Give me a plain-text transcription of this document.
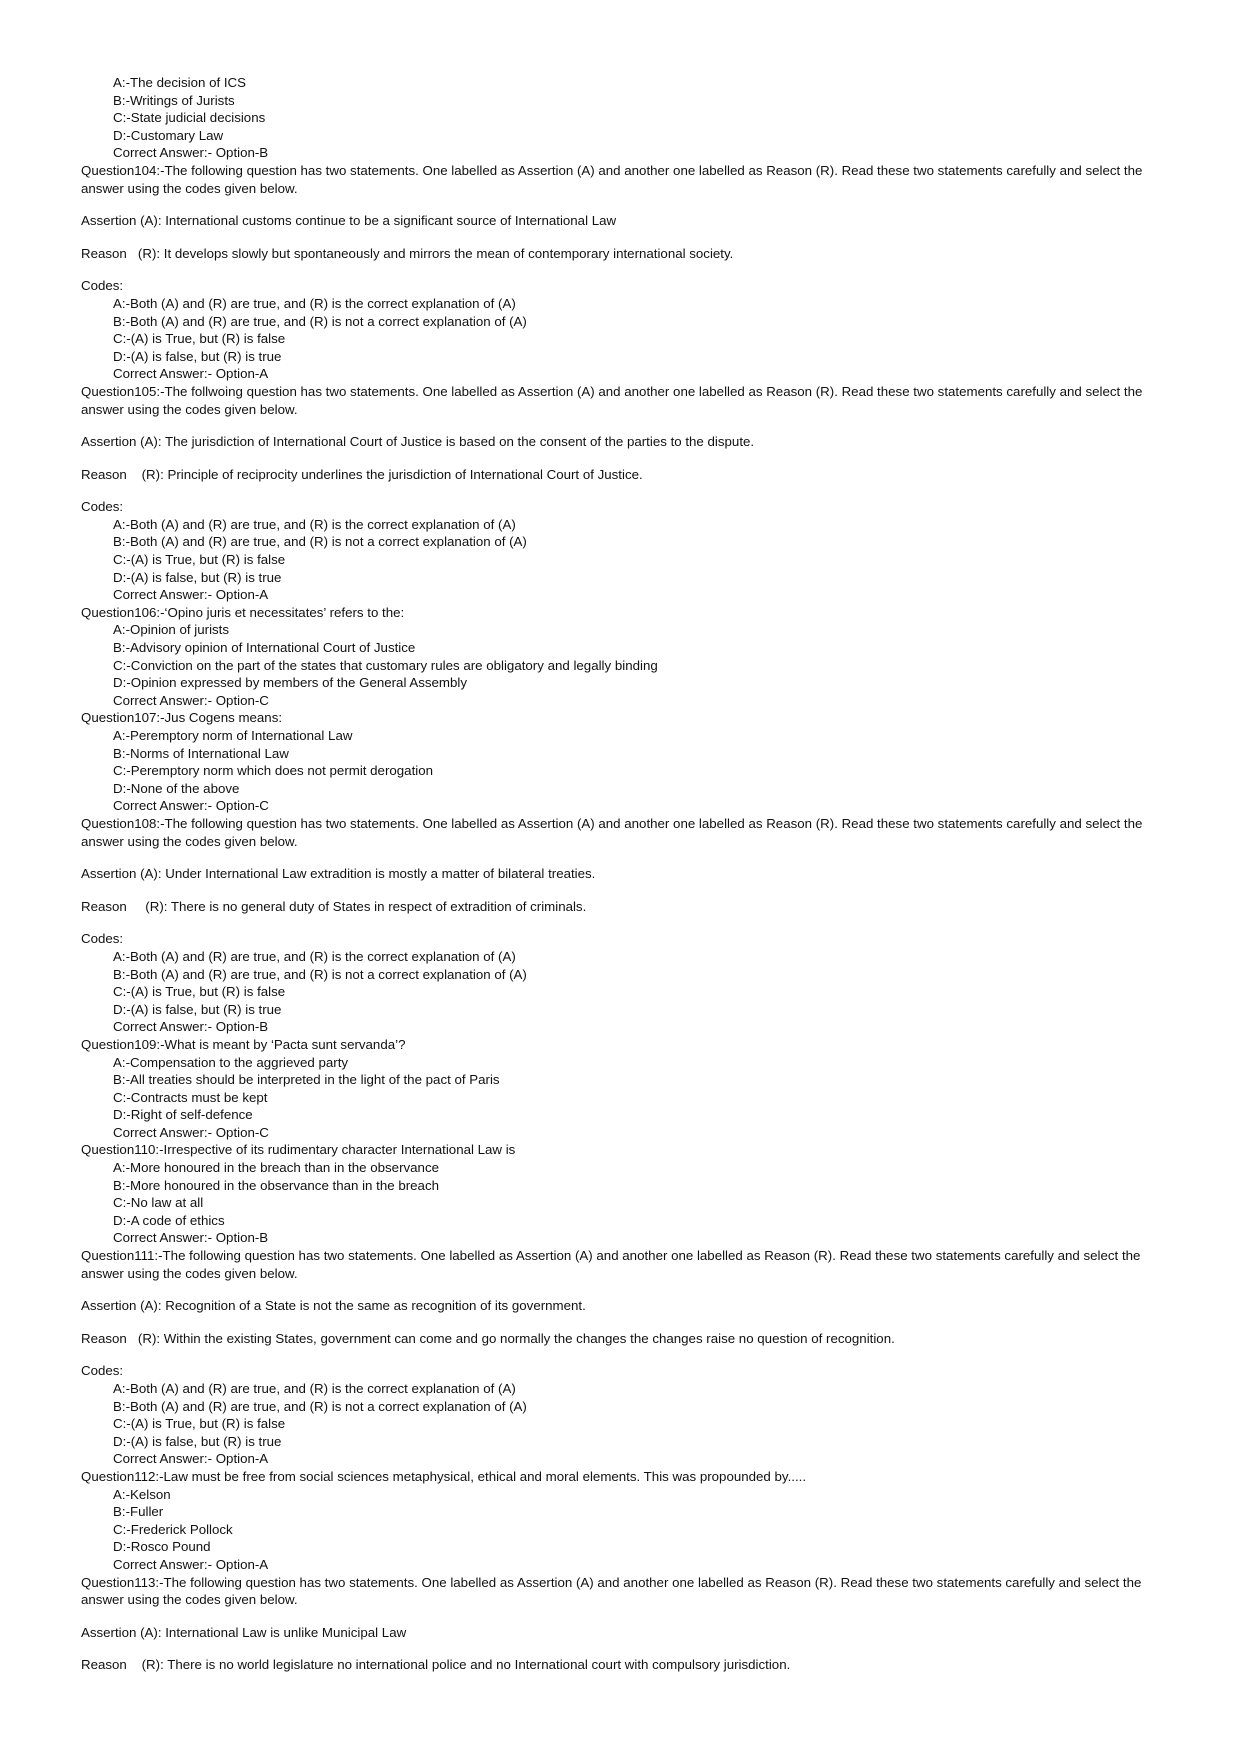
A:-The decision of ICS
B:-Writings of Jurists
C:-State judicial decisions
D:-Customary Law
Correct Answer:- Option-B
Question104:-The following question has two statements. One labelled as Assertion (A) and another one labelled as Reason (R). Read these two statements carefully and select the answer using the codes given below.
Assertion (A): International customs continue to be a significant source of International Law
Reason   (R): It develops slowly but spontaneously and mirrors the mean of contemporary international society.
Codes:
A:-Both (A) and (R) are true, and (R) is the correct explanation of (A)
B:-Both (A) and (R) are true, and (R) is not a correct explanation of (A)
C:-(A) is True, but (R) is false
D:-(A) is false, but (R) is true
Correct Answer:- Option-A
Question105:-The follwoing question has two statements. One labelled as Assertion (A) and another one labelled as Reason (R). Read these two statements carefully and select the answer using the codes given below.
Assertion (A): The jurisdiction of International Court of Justice is based on the consent of the parties to the dispute.
Reason    (R): Principle of reciprocity underlines the jurisdiction of International Court of Justice.
Codes:
A:-Both (A) and (R) are true, and (R) is the correct explanation of (A)
B:-Both (A) and (R) are true, and (R) is not a correct explanation of (A)
C:-(A) is True, but (R) is false
D:-(A) is false, but (R) is true
Correct Answer:- Option-A
Question106:-‘Opino juris et necessitates’ refers to the:
A:-Opinion of jurists
B:-Advisory opinion of International Court of Justice
C:-Conviction on the part of the states that customary rules are obligatory and legally binding
D:-Opinion expressed by members of the General Assembly
Correct Answer:- Option-C
Question107:-Jus Cogens means:
A:-Peremptory norm of International Law
B:-Norms of International Law
C:-Peremptory norm which does not permit derogation
D:-None of the above
Correct Answer:- Option-C
Question108:-The following question has two statements. One labelled as Assertion (A) and another one labelled as Reason (R). Read these two statements carefully and select the answer using the codes given below.
Assertion (A): Under International Law extradition is mostly a matter of bilateral treaties.
Reason     (R): There is no general duty of States in respect of extradition of criminals.
Codes:
A:-Both (A) and (R) are true, and (R) is the correct explanation of (A)
B:-Both (A) and (R) are true, and (R) is not a correct explanation of (A)
C:-(A) is True, but (R) is false
D:-(A) is false, but (R) is true
Correct Answer:- Option-B
Question109:-What is meant by ‘Pacta sunt servanda’?
A:-Compensation to the aggrieved party
B:-All treaties should be interpreted in the light of the pact of Paris
C:-Contracts must be kept
D:-Right of self-defence
Correct Answer:- Option-C
Question110:-Irrespective of its rudimentary character International Law is
A:-More honoured in the breach than in the observance
B:-More honoured in the observance than in the breach
C:-No law at all
D:-A code of ethics
Correct Answer:- Option-B
Question111:-The following question has two statements. One labelled as Assertion (A) and another one labelled as Reason (R). Read these two statements carefully and select the answer using the codes given below.
Assertion (A): Recognition of a State is not the same as recognition of its government.
Reason   (R): Within the existing States, government can come and go normally the changes the changes raise no question of recognition.
Codes:
A:-Both (A) and (R) are true, and (R) is the correct explanation of (A)
B:-Both (A) and (R) are true, and (R) is not a correct explanation of (A)
C:-(A) is True, but (R) is false
D:-(A) is false, but (R) is true
Correct Answer:- Option-A
Question112:-Law must be free from social sciences metaphysical, ethical and moral elements. This was propounded by.....
A:-Kelson
B:-Fuller
C:-Frederick Pollock
D:-Rosco Pound
Correct Answer:- Option-A
Question113:-The following question has two statements. One labelled as Assertion (A) and another one labelled as Reason (R). Read these two statements carefully and select the answer using the codes given below.
Assertion (A): International Law is unlike Municipal Law
Reason    (R): There is no world legislature no international police and no International court with compulsory jurisdiction.
